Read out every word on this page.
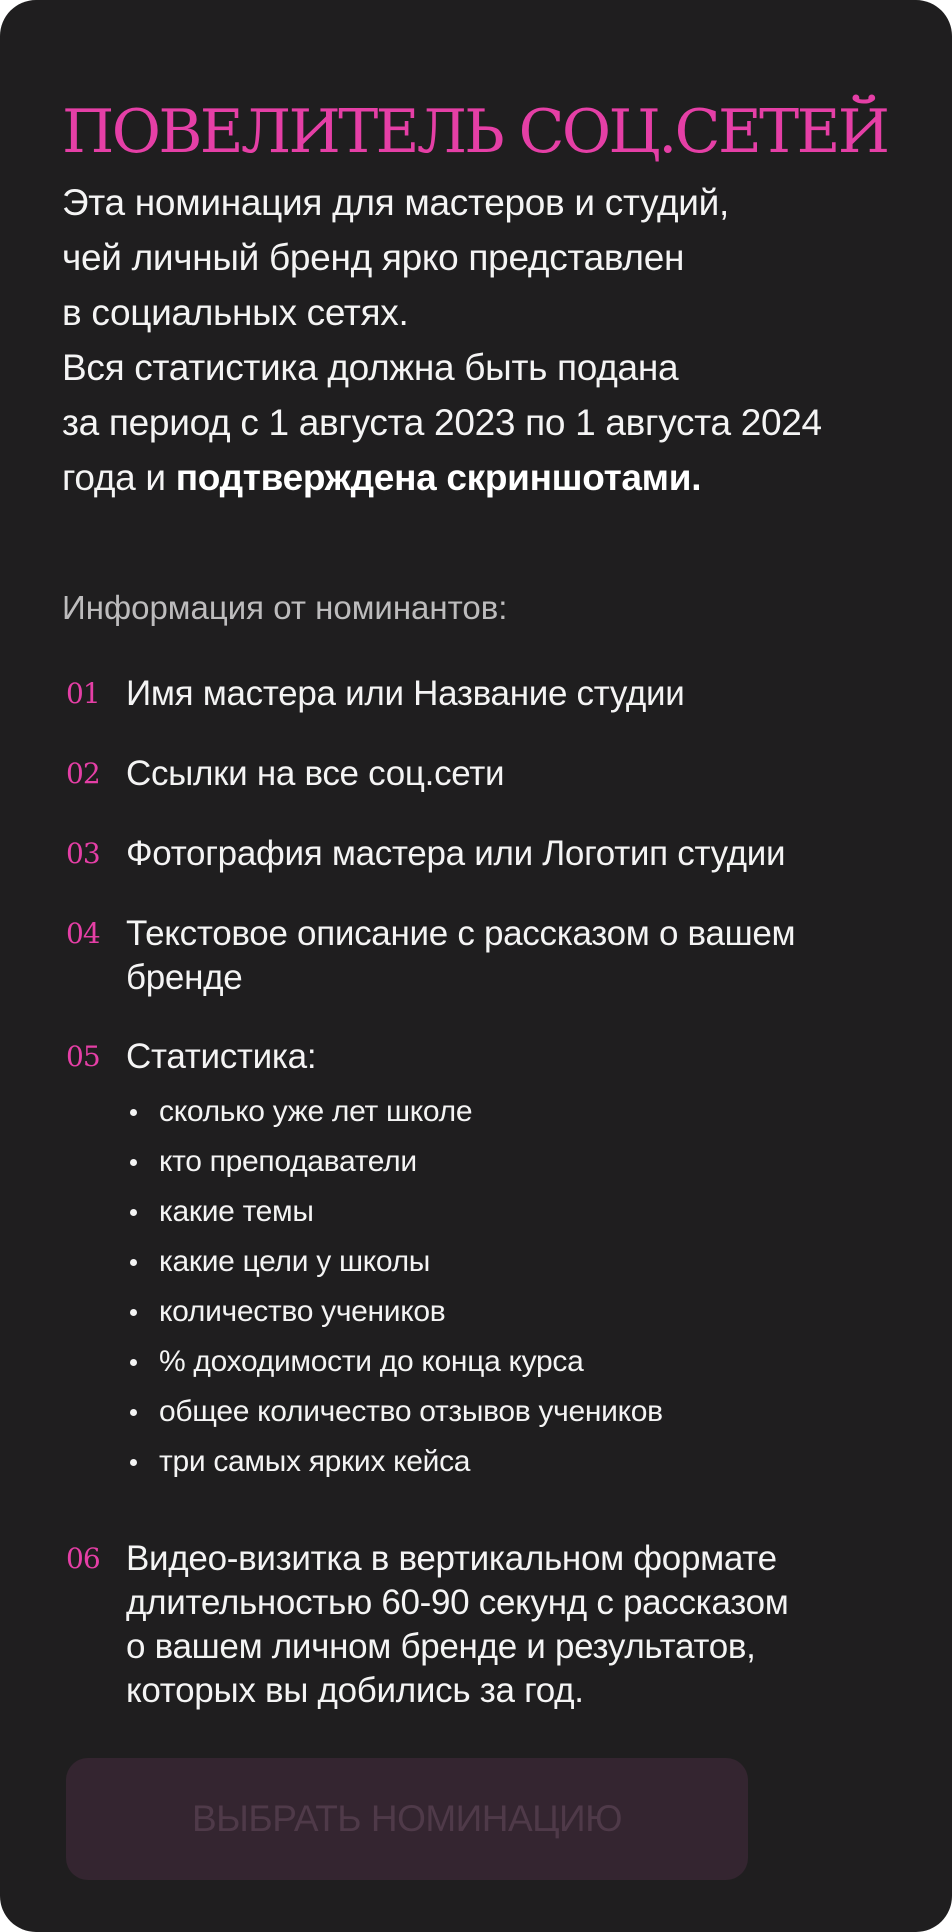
ПОВЕЛИТЕЛЬ СОЦ.СЕТЕЙ
Эта номинация для мастеров и студий,
чей личный бренд ярко представлен
в социальных сетях.
Вся статистика должна быть подана
за период с 1 августа 2023 по 1 августа 2024
года и подтверждена скриншотами.
Информация от номинантов:
01 Имя мастера или Название студии
02 Ссылки на все соц.сети
03 Фотография мастера или Логотип студии
04 Текстовое описание с рассказом о вашем
бренде
05 Статистика:
сколько уже лет школе
кто преподаватели
какие темы
какие цели у школы
количество учеников
% доходимости до конца курса
общее количество отзывов учеников
три самых ярких кейса
06 Видео-визитка в вертикальном формате
длительностью 60-90 секунд с рассказом
о вашем личном бренде и результатов,
которых вы добились за год.
ВЫБРАТЬ НОМИНАЦИЮ
